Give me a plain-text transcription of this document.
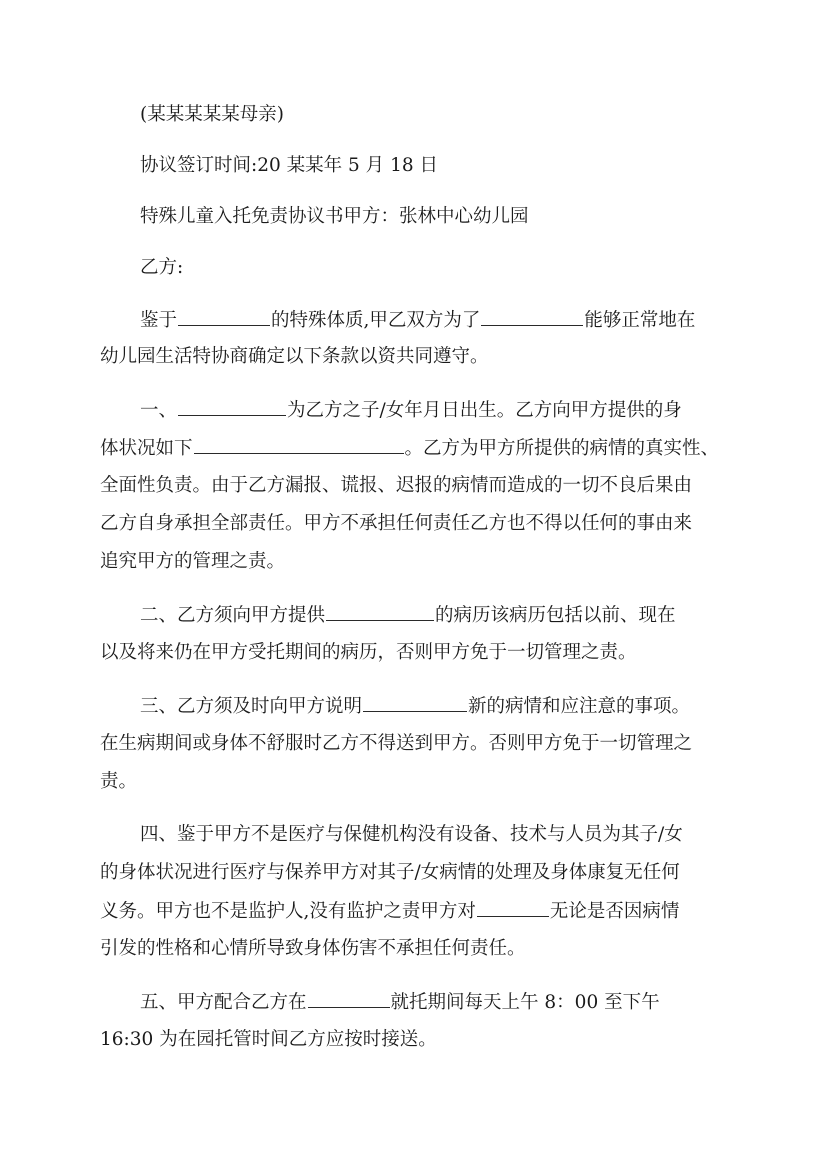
(某某某某某母亲)
协议签订时间:20 某某年 5 月 18 日
特殊儿童入托免责协议书甲方：张林中心幼儿园
乙方:
鉴于	的特殊体质,甲乙双方为了	能够正常地在
幼儿园生活特协商确定以下条款以资共同遵守。
一、	为乙方之子/女年月日出生。乙方向甲方提供的身
体状况如下	。乙方为甲方所提供的病情的真实性、
全面性负责。由于乙方漏报、谎报、迟报的病情而造成的一切不良后果由
乙方自身承担全部责任。甲方不承担任何责任乙方也不得以任何的事由来
追究甲方的管理之责。
二、乙方须向甲方提供	的病历该病历包括以前、现在
以及将来仍在甲方受托期间的病历，否则甲方免于一切管理之责。
三、乙方须及时向甲方说明	新的病情和应注意的事项。
在生病期间或身体不舒服时乙方不得送到甲方。否则甲方免于一切管理之
责。
四、鉴于甲方不是医疗与保健机构没有设备、技术与人员为其子/女
的身体状况进行医疗与保养甲方对其子/女病情的处理及身体康复无任何
义务。甲方也不是监护人,没有监护之责甲方对	无论是否因病情
引发的性格和心情所导致身体伤害不承担任何责任。
五、甲方配合乙方在	就托期间每天上午 8：00 至下午
16:30 为在园托管时间乙方应按时接送。
